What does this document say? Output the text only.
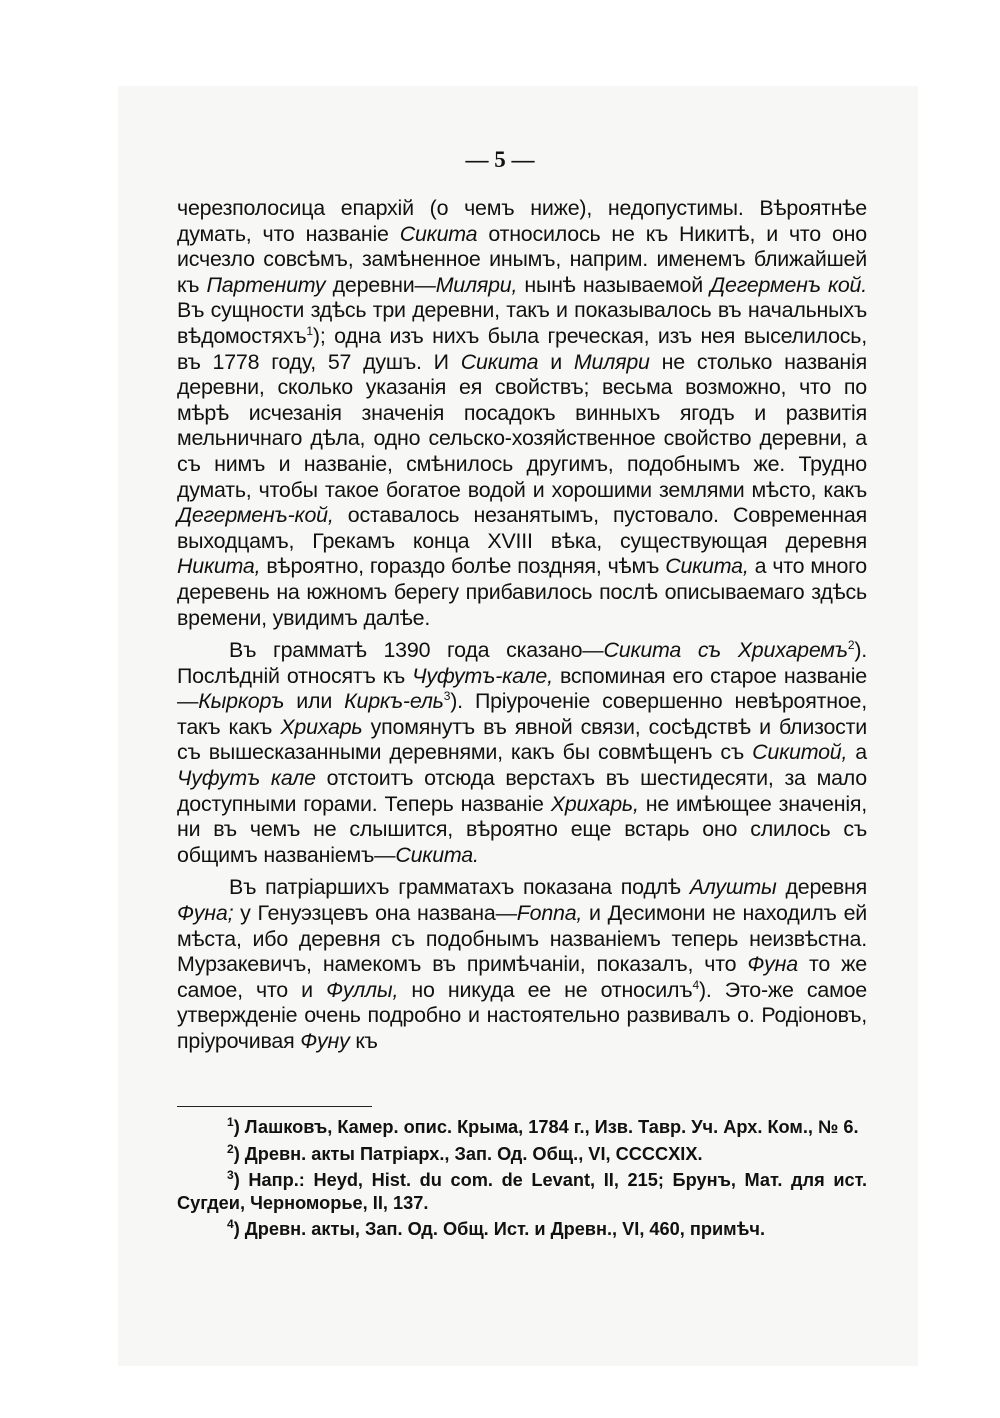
— 5 —

черезполосица епархій (о чемъ ниже), недопустимы. Вѣроятнѣе думать, что названіе Сикита относилось не къ Никитѣ, и что оно исчезло совсѣмъ, замѣненное инымъ, наприм. именемъ ближайшей къ Партениту деревни—Миляри, нынѣ называемой Дегерменъ кой. Въ сущности здѣсь три деревни, такъ и показывалось въ начальныхъ вѣдомостяхъ$^1$); одна изъ нихъ была греческая, изъ нея выселилось, въ 1778 году, 57 душъ. И Сикита и Миляри не столько названія деревни, сколько указанія ея свойствъ; весьма возможно, что по мѣрѣ исчезанія значенія посадокъ винныхъ ягодъ и развитія мельничнаго дѣла, одно сельско-хозяйственное свойство деревни, а съ нимъ и названіе, смѣнилось другимъ, подобнымъ же. Трудно думать, чтобы такое богатое водой и хорошими землями мѣсто, какъ Дегерменъ-кой, оставалось незанятымъ, пустовало. Современная выходцамъ, Грекамъ конца XVIII вѣка, существующая деревня Никита, вѣроятно, гораздо болѣе поздняя, чѣмъ Сикита, а что много деревень на южномъ берегу прибавилось послѣ описываемаго здѣсь времени, увидимъ далѣе.

Въ грамматѣ 1390 года сказано—Сикита съ Хрихаремъ$^2$). Послѣдній относятъ къ Чуфутъ-кале, вспоминая его старое названіе—Кыркоръ или Киркъ-ель$^3$). Пріуроченіе совершенно невѣроятное, такъ какъ Хрихарь упомянутъ въ явной связи, сосѣдствѣ и близости съ вышесказанными деревнями, какъ бы совмѣщенъ съ Сикитой, а Чуфутъ кале отстоитъ отсюда верстахъ въ шестидесяти, за мало доступными горами. Теперь названіе Хрихарь, не имѣющее значенія, ни въ чемъ не слышится, вѣроятно еще встарь оно слилось съ общимъ названіемъ—Сикита.

Въ патріаршихъ грамматахъ показана подлѣ Алушты деревня Фуна; у Генуэзцевъ она названа—Fonna, и Десимони не находилъ ей мѣста, ибо деревня съ подобнымъ названіемъ теперь неизвѣстна. Мурзакевичъ, намекомъ въ примѣчаніи, показалъ, что Фуна то же самое, что и Фуллы, но никуда ее не относилъ$^4$). Это-же самое утвержденіе очень подробно и настоятельно развивалъ о. Родіоновъ, пріурочивая Фуну къ

$^1$) Лашковъ, Камер. опис. Крыма, 1784 г., Изв. Тавр. Уч. Арх. Ком., № 6.

$^2$) Древн. акты Патріарх., Зап. Од. Общ., VI, CCCCXIX.

$^3$) Напр.: Heyd, Hist. du com. de Levant, II, 215; Брунъ, Мат. для ист. Сугдеи, Черноморье, II, 137.

$^4$) Древн. акты, Зап. Од. Общ. Ист. и Древн., VI, 460, примѣч.
